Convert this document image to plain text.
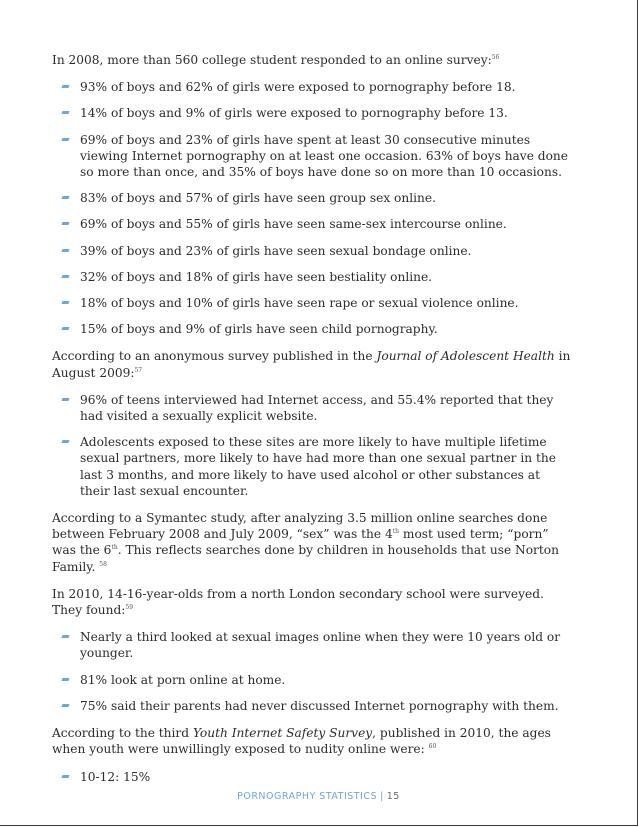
In 2008, more than 560 college student responded to an online survey:$^{56}$

93% of boys and 62% of girls were exposed to pornography before 18.
14% of boys and 9% of girls were exposed to pornography before 13.
69% of boys and 23% of girls have spent at least 30 consecutive minutes viewing Internet pornography on at least one occasion. 63% of boys have done so more than once, and 35% of boys have done so on more than 10 occasions.
83% of boys and 57% of girls have seen group sex online.
69% of boys and 55% of girls have seen same-sex intercourse online.
39% of boys and 23% of girls have seen sexual bondage online.
32% of boys and 18% of girls have seen bestiality online.
18% of boys and 10% of girls have seen rape or sexual violence online.
15% of boys and 9% of girls have seen child pornography.

According to an anonymous survey published in the Journal of Adolescent Health in August 2009:$^{57}$

96% of teens interviewed had Internet access, and 55.4% reported that they had visited a sexually explicit website.
Adolescents exposed to these sites are more likely to have multiple lifetime sexual partners, more likely to have had more than one sexual partner in the last 3 months, and more likely to have used alcohol or other substances at their last sexual encounter.

According to a Symantec study, after analyzing 3.5 million online searches done between February 2008 and July 2009, “sex” was the 4th most used term; “porn” was the 6th. This reflects searches done by children in households that use Norton Family. $^{58}$

In 2010, 14-16-year-olds from a north London secondary school were surveyed. They found:$^{59}$

Nearly a third looked at sexual images online when they were 10 years old or younger.
81% look at porn online at home.
75% said their parents had never discussed Internet pornography with them.

According to the third Youth Internet Safety Survey, published in 2010, the ages when youth were unwillingly exposed to nudity online were: $^{60}$

10-12: 15%
PORNOGRAPHY STATISTICS | 15
